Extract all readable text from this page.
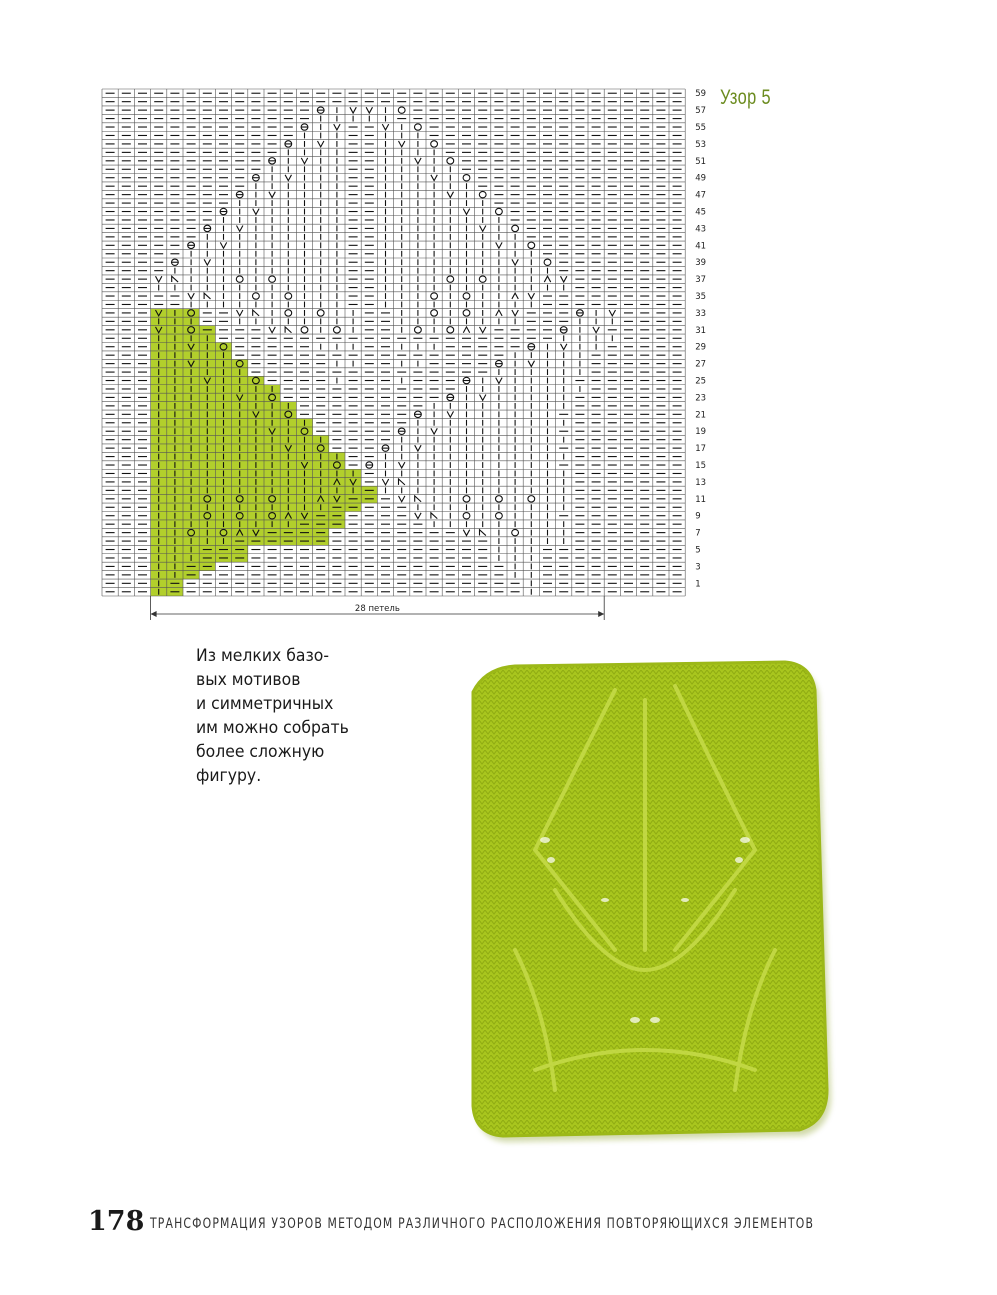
59
57
55
53
51
49
47
45
43
41
39
37
35
33
31
29
27
25
23
21
19
17
15
13
11
9
7
5
3
1
28 петель
Узор 5
Из мелких базо-
вых мотивов
и симметричных
им можно собрать
более сложную
фигуру.
178 ТРАНСФОРМАЦИЯ УЗОРОВ МЕТОДОМ РАЗЛИЧНОГО РАСПОЛОЖЕНИЯ ПОВТОРЯЮЩИХСЯ ЭЛЕМЕНТОВ
